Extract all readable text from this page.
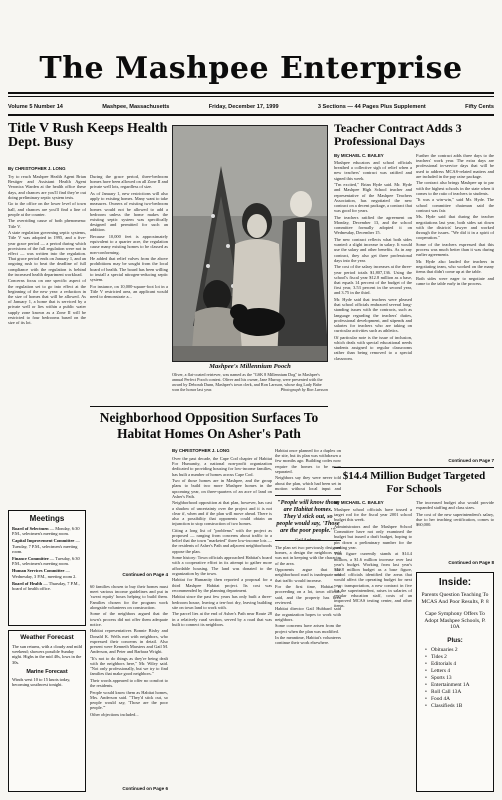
The Mashpee Enterprise
Volume 5 Number 14	Mashpee, Massachusetts	Friday, December 17, 1999	3 Sections — 44 Pages Plus Supplement	Fifty Cents
Title V Rush Keeps Health Dept. Busy
By CHRISTOPHER J. LONG

Try to reach Mashpee Health Agent Brian Bestiger and Assistant Health Agent Veronica Warden at the health office these days, and chances are you'll find they're out doing preliminary septic system tests.

Go to the office on the lower level of town hall, and chances are you'll find a line of people at the counter.

The overriding cause of both phenomena: Title V.

A state regulation governing septic systems, Title V was adopted in 1995, and a five-year grace period — a period during which provisions of the full regulation were not in effect — was written into the regulation. That grace period ends on January 1, and an ongoing rush to beat the deadline of full compliance with the regulation is behind the increased health department workload.

Concerns focus on one specific aspect of the regulation set to go into effect at the beginning of the new year: a reduction in the size of homes that will be allowed. As of January 1, a home that is serviced by a private well or lies within a public water supply zone known as a Zone II will be restricted to four bedrooms based on the size of its lot.

During the grace period, three-bedroom homes have been allowed on all Zone II and private well lots, regardless of size.

As of January 1, new restrictions will also apply to existing homes. Many want to take measures. Owners of existing two-bedroom homes would not be allowed to add a bedroom unless the home makes the existing septic system was specifically designed and permitted for such an addition.

Because 10,000 feet is approximately equivalent to a quarter acre, the regulation cause many existing homes to be classed as non-conforming.

He added that relief valves from the above prohibitions may be sought from the local board of health. The board has been willing to install a special nitrogen-reducing septic system.

For instance, on 10,000-square-foot lot in a Title V restricted area, an applicant would need to demonstrate a...

Continued on Page 4
Meetings

Board of Selectmen — Monday, 6:30 P.M., selectmen's meeting room.

Capital Improvement Committee — Tuesday, 7 P.M., selectmen's meeting room.

Finance Committee — Tuesday, 6:30 P.M., selectmen's meeting room.

Human Services Committee — Wednesday, 3 P.M., meeting room 2.

Board of Health — Thursday, 7 P.M., board of health office.

Weather Forecast

The sun returns, with a cloudy and mild weekend; showers possible Sunday night. Highs in the mid 40s, lows in the 30s.

Marine Forecast

Winds west 10 to 15 knots today, becoming southwest tonight.

Mashpee's Millennium Pooch
Oliver, a flat-coated retriever, was named as the "GSK 8 Millennium Dog" in Mashpee's annual Perfect Pooch contest. Oliver and his owner, Jane Murray, were presented with the award by Deborah Dunn, Mashpee's town clerk, and Ron Larsson, whose dog Lady Babe won the honor last year.	Photograph by Ron Larsson
Teacher Contract Adds 3 Professional Days
By MICHAEL C. BAILEY

Mashpee educators and school officials breathed a collective sigh of relief when a new teachers' contract was ratified and signed this week.

"I'm excited," Brian Hyde said. Mr. Hyde and Mashpee High School teacher and representative of the Mashpee Teachers Association, has negotiated the new contract on a decent package, a contract that was good for years.

The teachers ratified the agreement on Monday, December 13, and the school committee formally adopted it on Wednesday, December 15.

The new contract reflects what both sides wanted: a slight increase in salary. It would use the salary and other benefits. As in any contract, they also get three professional days into the year.

The cost of the salary increases at the three-year period totals $1,807,136. Using the school's fiscal year $12.8 million as a base, that equals 14 percent of the budget of the first year, 3.53 percent in the second year, and 3.75 in the third.

Mr. Hyde said that teachers were pleased that school officials embraced several long-standing issues with the contracts, such as language regarding the teachers' duties, professional development, and stipends and salaries for teachers who are taking on curricular activities such as athletics.

Of particular note is the issue of inclusion, which deals with special educational needs students assigned to regular classrooms rather than being removed to a special classroom.

Further the contract adds three days to the teachers' work year. The extra days are professional in-service days that will be used to address MCAS-related matters and are included in the pay raise package.

The contract also brings Mashpee up to par with the highest schools in the state when it comes to the ratio of teachers to students.

"It was a win-win," said Mr. Hyde. The school committee chairman said the contract was fair.

Ms. Hyde said that during the teacher negotiations last year, both sides sat down with the districts' lawyer and worked through the issues. "We did it in a spirit of cooperation."

Some of the teachers expressed that this process was much better than it was during earlier agreements.

Mr. Hyde also lauded the teachers in negotiating team, who worked on the many items that didn't come up at the table.

Both sides were eager to negotiate and came to the table early in the process.

Continued on Page 7
$14.4 Million Budget Targeted For Schools
By MICHAEL C. BAILEY

Mashpee school officials have tossed a target rod for the fiscal year 2001 school budget this week.

Administrators and the Mashpee School Committee have not only examined the budget but issued a draft budget, hoping to pin down a preliminary number for the coming year.

That figure currently stands at $14.4 million, a $1.6 million increase over last year's budget. Working from last year's $12.8 million budget as a base figure, school officials identified the areas that would affect the operating budget for next year: transportation, a new contract in five for the superintendent, raises in salaries of regular education staff, costs of an improved MCAS testing center, and other items.

The increased budget also would provide expanded staffing and class sizes.

The cost of the new superintendent's salary, due to her teaching certification, comes to $60,000.

Continued on Page 8
Inside:

Parents Question Teaching To MCAS And Poor Results, P. 8

Cape Symphony Offers To Adopt Mashpee Schools, P. 10A

Plus:
• Obituaries
2
• Tides
2
• Editorials
4
• Letters
4
• Sports
13
• Entertainment
1A
• Roll Call
13A
• Food
4A
• Classifieds
1B
Neighborhood Opposition Surfaces To Habitat Homes On Asher's Path
By CHRISTOPHER J. LONG

Over the past decade, the Cape Cod chapter of Habitat For Humanity, a national non-profit organization dedicated to providing housing for low-income families, has built a number of homes across Cape Cod.

Two of those homes are in Mashpee, and the group plans to build two more Mashpee homes in the upcoming year, on three-quarters of an acre of land on Asher's Path.

Neighborhood opposition at that plan, however, has cast a shadow of uncertainty over the project and it is not clear if, when and if the plan will move ahead. There is also a possibility that opponents could obtain an injunction to stop construction of two homes.

Citing a long list of "problems" with the project as proposed — ranging from concerns about traffic to a belief that the town "marketed" three low-income lots — the residents of Asher's Path and adjacent neighborhoods oppose the plan.

Some history: Town officials approached Habitat's board with a cooperative effort in its attempt to gather more affordable housing. The land was donated to the organization by the town.

Habitat for Humanity then reported a proposal for a third Mashpee Habitat project. Its cost was recommended by the planning department.

Habitat since the past few years has only built a three-bedroom house, leaving a ten-foot dry, leaving building site on town land to work with.

The parcel lies at the end of Asher's Path near Route 28 in a relatively rural section, served by a road that was built to connect its neighbors.

Habitat once planned for a duplex on the site, but its plan was withdrawn a few months ago. Building codes now require the homes to be more separated.

Neighbors say they were never told about the plan, which had been set in motion without local input and

"People will know those are Habitat homes. They'd stick out, so people would say, 'Those are the poor people.'"
Gail Anderson

The plan set two previously designed homes, a design the neighbors said was not in keeping with the character of the area.

Opponents argue that the neighborhood road is inadequate and that traffic would increase.

For the first time, Habitat is proceeding on a lot, town officials said, and the property has been reviewed.

Habitat director Gail Hubbard said the organization hopes to work with neighbors.

Some concerns have arisen from the project when the plan was modified.

In the meantime, Habitat's volunteers continue their work elsewhere.

60 families chosen to buy their homes must meet various income guidelines and put in 'sweat equity' hours helping to build them. Families chosen for the program work alongside volunteers on construction.

Some of the neighbors argued that the town's process did not offer them adequate notice.

Habitat representatives Bonnie Bixby and Donald K. Wells met with neighbors, who expressed their concerns in detail. Also present were Kenneth Marsters and Gail M. Anderson, and Peter and Barbara Wright.

"It's not to do things as they're being dealt with the neighbors here," Mr. Wiley said. "Not only professionally, but we try to find families that make good neighbors."

Their words appeared to offer no comfort to the residents.

People would know them as Habitat homes, Mrs. Anderson said. "They'd stick out, so people would say, 'Those are the poor people.'"

Other objections included...

Continued on Page 6
